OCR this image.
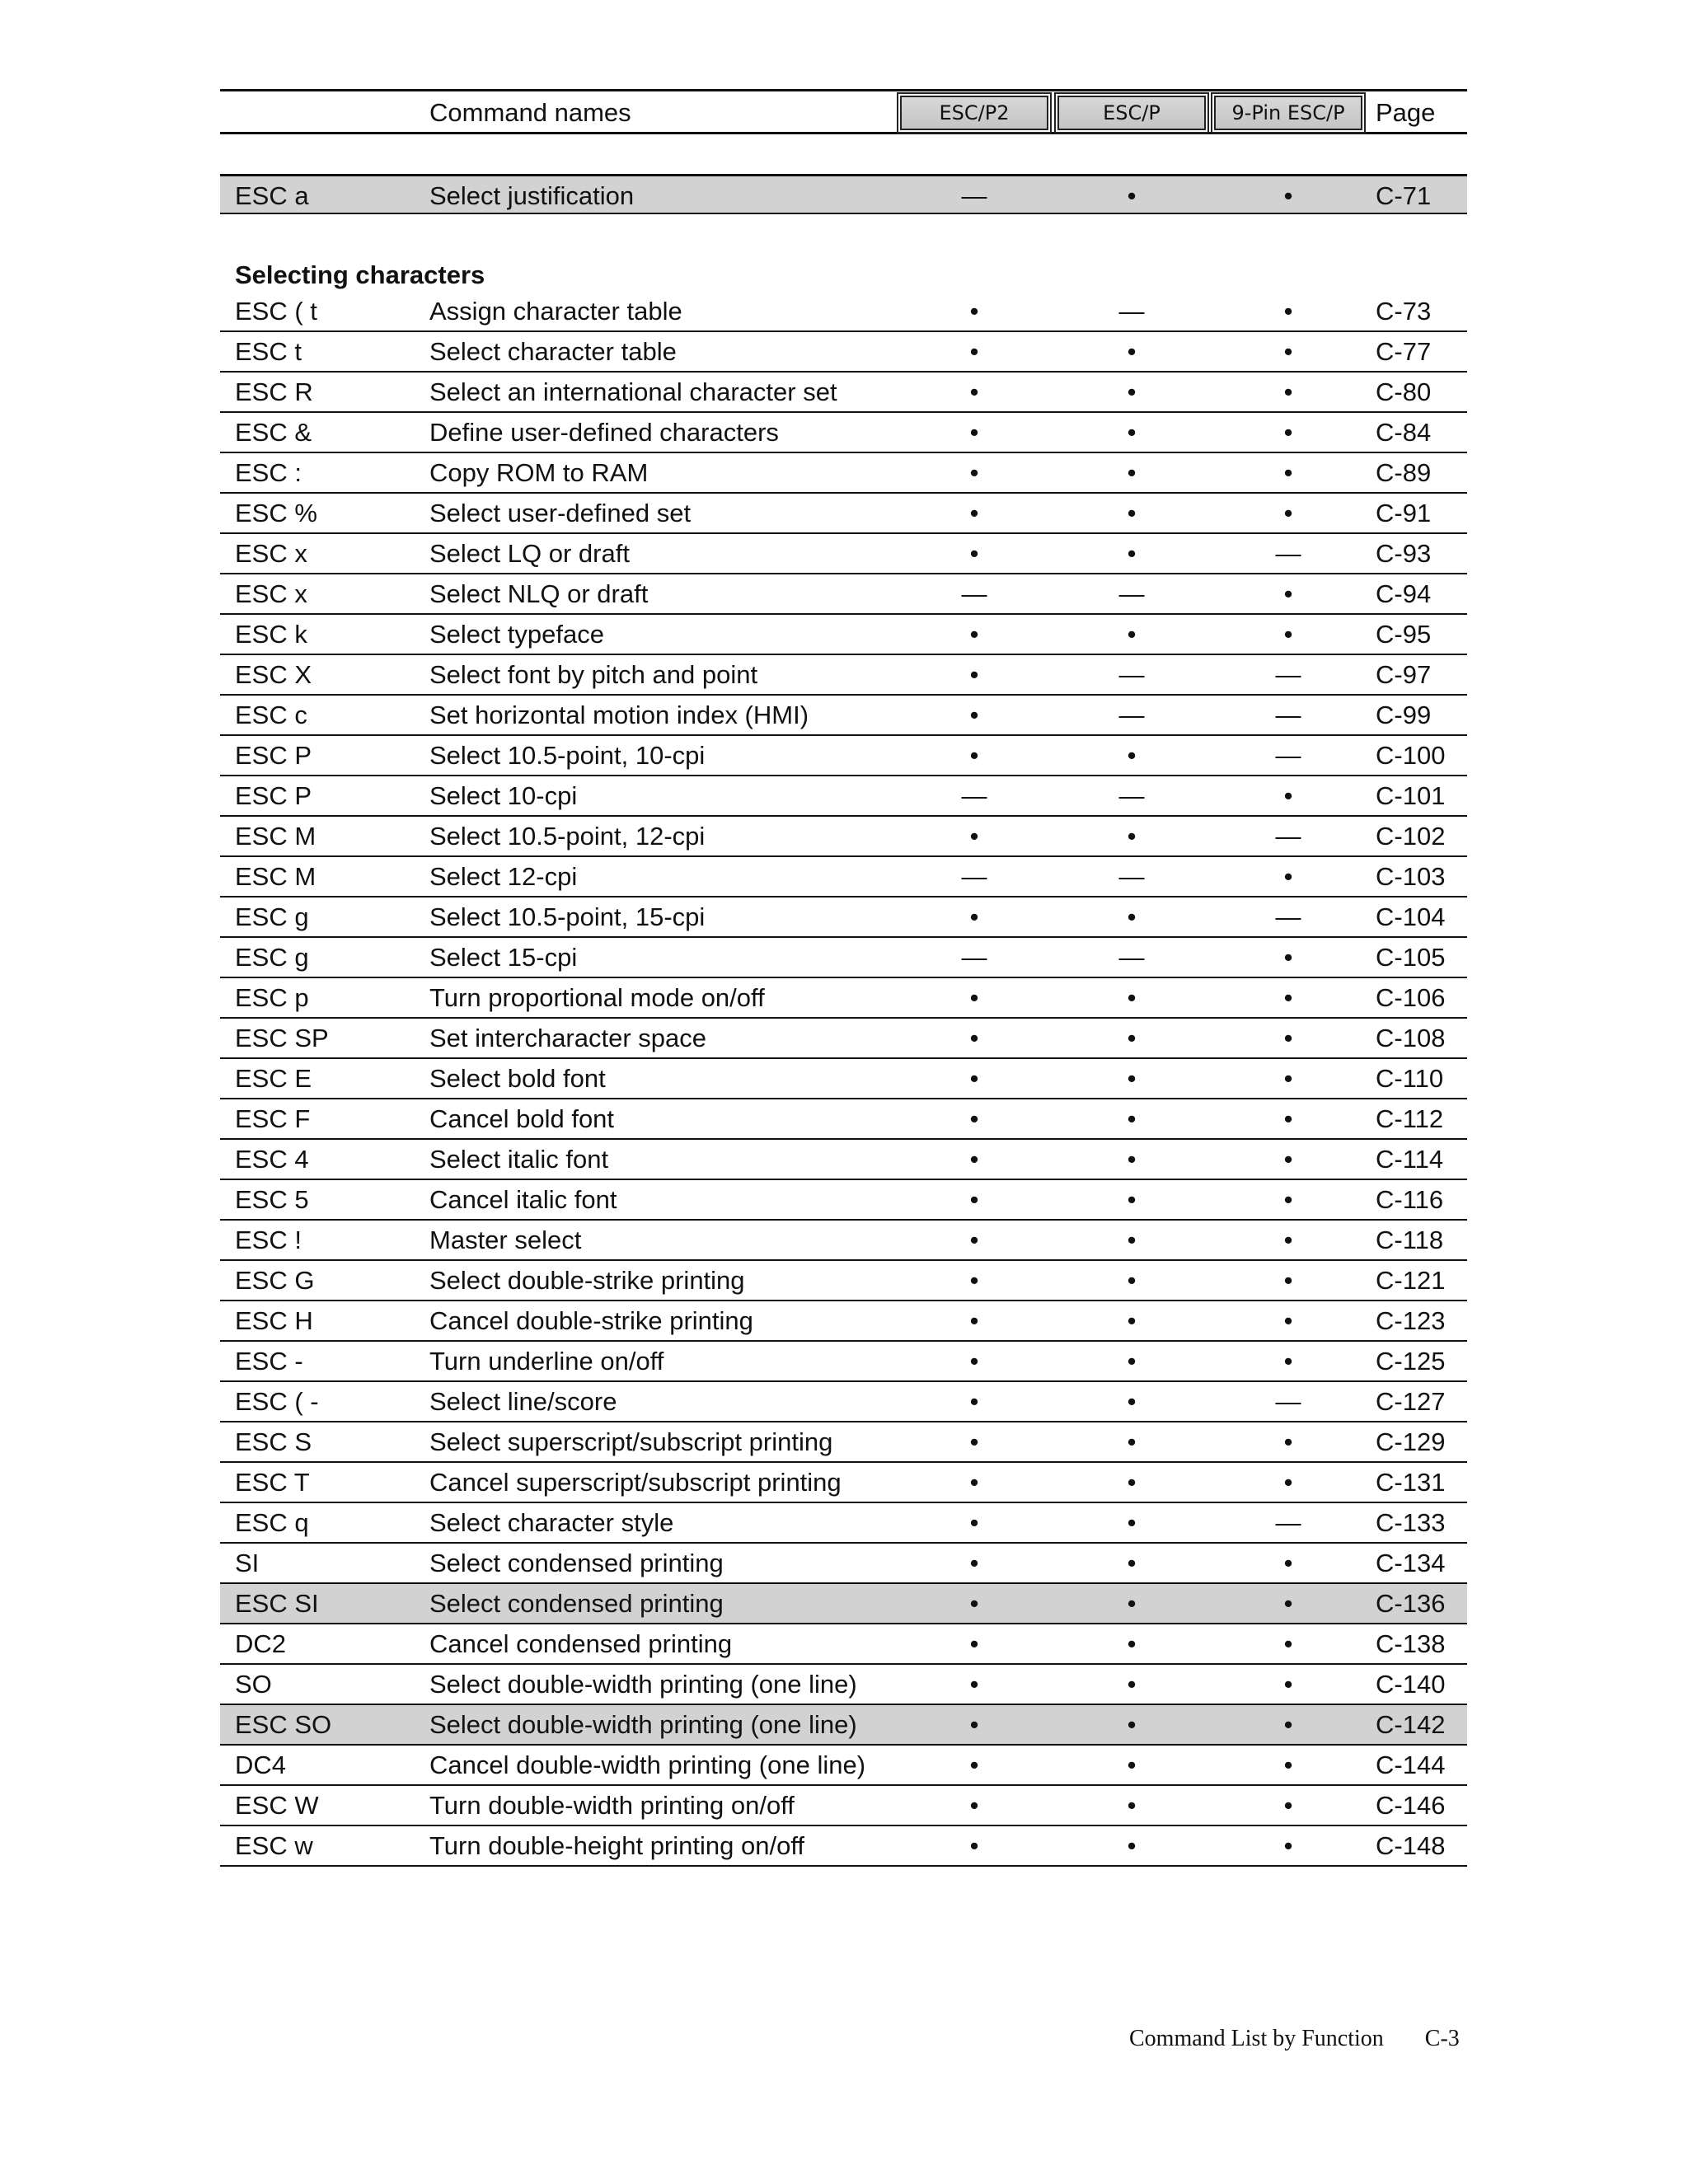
Command names	ESC/P2	ESC/P	9-Pin ESC/P	Page
ESC a	Select justification	—	•	•	C-71
Selecting characters
ESC ( t	Assign character table	•	—	•	C-73
ESC t	Select character table	•	•	•	C-77
ESC R	Select an international character set	•	•	•	C-80
ESC &	Define user-defined characters	•	•	•	C-84
ESC :	Copy ROM to RAM	•	•	•	C-89
ESC %	Select user-defined set	•	•	•	C-91
ESC x	Select LQ or draft	•	•	—	C-93
ESC x	Select NLQ or draft	—	—	•	C-94
ESC k	Select typeface	•	•	•	C-95
ESC X	Select font by pitch and point	•	—	—	C-97
ESC c	Set horizontal motion index (HMI)	•	—	—	C-99
ESC P	Select 10.5-point, 10-cpi	•	•	—	C-100
ESC P	Select 10-cpi	—	—	•	C-101
ESC M	Select 10.5-point, 12-cpi	•	•	—	C-102
ESC M	Select 12-cpi	—	—	•	C-103
ESC g	Select 10.5-point, 15-cpi	•	•	—	C-104
ESC g	Select 15-cpi	—	—	•	C-105
ESC p	Turn proportional mode on/off	•	•	•	C-106
ESC SP	Set intercharacter space	•	•	•	C-108
ESC E	Select bold font	•	•	•	C-110
ESC F	Cancel bold font	•	•	•	C-112
ESC 4	Select italic font	•	•	•	C-114
ESC 5	Cancel italic font	•	•	•	C-116
ESC !	Master select	•	•	•	C-118
ESC G	Select double-strike printing	•	•	•	C-121
ESC H	Cancel double-strike printing	•	•	•	C-123
ESC -	Turn underline on/off	•	•	•	C-125
ESC ( -	Select line/score	•	•	—	C-127
ESC S	Select superscript/subscript printing	•	•	•	C-129
ESC T	Cancel superscript/subscript printing	•	•	•	C-131
ESC q	Select character style	•	•	—	C-133
SI	Select condensed printing	•	•	•	C-134
ESC SI	Select condensed printing	•	•	•	C-136
DC2	Cancel condensed printing	•	•	•	C-138
SO	Select double-width printing (one line)	•	•	•	C-140
ESC SO	Select double-width printing (one line)	•	•	•	C-142
DC4	Cancel double-width printing (one line)	•	•	•	C-144
ESC W	Turn double-width printing on/off	•	•	•	C-146
ESC w	Turn double-height printing on/off	•	•	•	C-148
Command List by Function C-3
